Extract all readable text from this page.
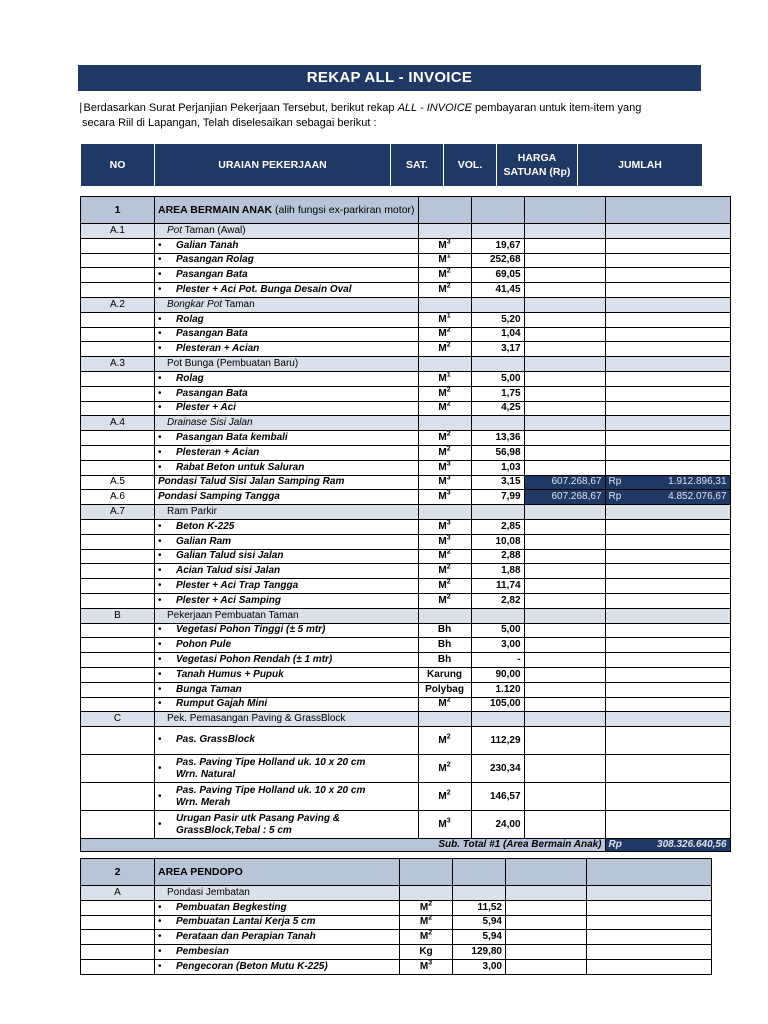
REKAP ALL - INVOICE
∣Berdasarkan Surat Perjanjian Pekerjaan Tersebut, berikut rekap ALL - INVOICE pembayaran untuk item-item yang
secara Riil di Lapangan, Telah diselesaikan sebagai berikut :
NO	URAIAN PEKERJAAN	SAT.	VOL.	HARGA SATUAN (Rp)	JUMLAH
1	AREA BERMAIN ANAK (alih fungsi ex-parkiran motor)				
A.1	Pot Taman (Awal)				
	• Galian Tanah	$M^3$	19,67		
	• Pasangan Rolag	$M^1$	252,68		
	• Pasangan Bata	$M^2$	69,05		
	• Plester + Aci Pot. Bunga Desain Oval	$M^2$	41,45		
A.2	Bongkar Pot Taman				
	• Rolag	$M^1$	5,20		
	• Pasangan Bata	$M^2$	1,04		
	• Plesteran + Acian	$M^2$	3,17		
A.3	Pot Bunga (Pembuatan Baru)				
	• Rolag	$M^1$	5,00		
	• Pasangan Bata	$M^2$	1,75		
	• Plester + Aci	$M^2$	4,25		
A.4	Drainase Sisi Jalan				
	• Pasangan Bata kembali	$M^2$	13,36		
	• Plesteran + Acian	$M^2$	56,98		
	• Rabat Beton untuk Saluran	$M^3$	1,03		
A.5	Pondasi Talud Sisi Jalan Samping Ram	$M^3$	3,15	607.268,67	Rp 1.912.896,31

A.6	Pondasi Samping Tangga	$M^3$	7,99	607.268,67	Rp 4.852.076,67

A.7	Ram Parkir				
	• Beton K-225	$M^3$	2,85		
	• Galian Ram	$M^3$	10,08		
	• Galian Talud sisi Jalan	$M^2$	2,88		
	• Acian Talud sisi Jalan	$M^2$	1,88		
	• Plester + Aci Trap Tangga	$M^2$	11,74		
	• Plester + Aci Samping	$M^2$	2,82		
B	Pekerjaan Pembuatan Taman				
	• Vegetasi Pohon Tinggi (± 5 mtr)	Bh	5,00		
	• Pohon Pule	Bh	3,00		
	• Vegetasi Pohon Rendah (± 1 mtr)	Bh	-		
	• Tanah Humus + Pupuk	Karung	90,00		
	• Bunga Taman	Polybag	1.120		
	• Rumput Gajah Mini	$M^2$	105,00		
C	Pek. Pemasangan Paving & GrassBlock				
	• Pas. GrassBlock	$M^2$	112,29		
	•Pas. Paving Tipe Holland uk. 10 x 20 cm Wrn. Natural	$M^2$	230,34		
	•Pas. Paving Tipe Holland uk. 10 x 20 cm Wrn. Merah	$M^2$	146,57		
	•Urugan Pasir utk Pasang Paving & GrassBlock,Tebal : 5 cm	$M^3$	24,00		
Sub. Total #1 (Area Bermain Anak)					Rp 308.326.640,56
2	AREA PENDOPO				
A	Pondasi Jembatan				
	• Pembuatan Begkesting	$M^2$	11,52		
	• Pembuatan Lantai Kerja 5 cm	$M^2$	5,94		
	• Perataan dan Perapian Tanah	$M^2$	5,94		
	• Pembesian	Kg	129,80		
	• Pengecoran (Beton Mutu K-225)	$M^3$	3,00		
